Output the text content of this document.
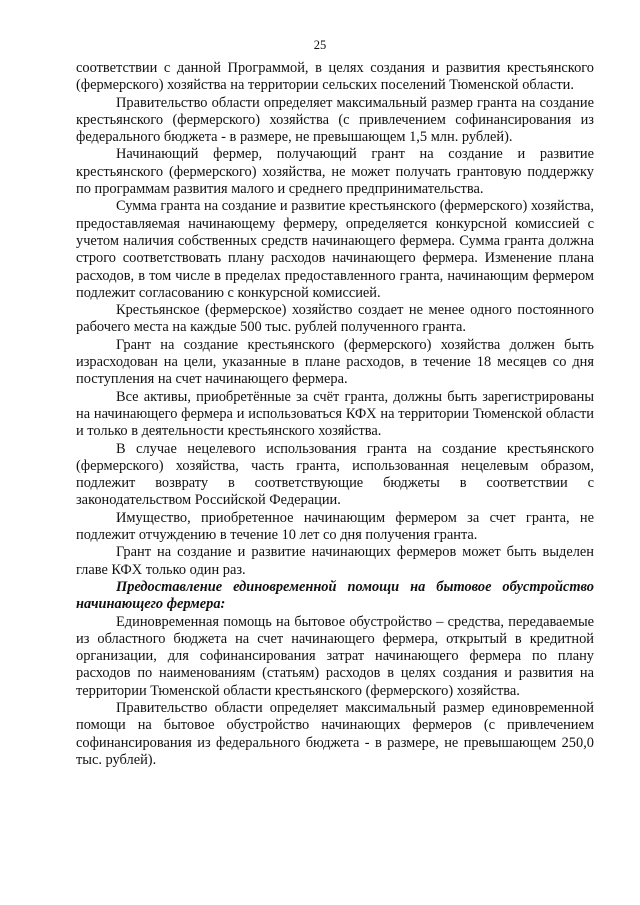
25

соответствии с данной Программой, в целях создания и развития крестьянского (фермерского) хозяйства на территории сельских поселений Тюменской области.

Правительство области определяет максимальный размер гранта на создание крестьянского (фермерского) хозяйства (с привлечением софинансирования из федерального бюджета - в размере, не превышающем 1,5 млн. рублей).

Начинающий фермер, получающий грант на создание и развитие крестьянского (фермерского) хозяйства, не может получать грантовую поддержку по программам развития малого и среднего предпринимательства.

Сумма гранта на создание и развитие крестьянского (фермерского) хозяйства, предоставляемая начинающему фермеру, определяется конкурсной комиссией с учетом наличия собственных средств начинающего фермера. Сумма гранта должна строго соответствовать плану расходов начинающего фермера. Изменение плана расходов, в том числе в пределах предоставленного гранта, начинающим фермером подлежит согласованию с конкурсной комиссией.

Крестьянское (фермерское) хозяйство создает не менее одного постоянного рабочего места на каждые 500 тыс. рублей полученного гранта.

Грант на создание крестьянского (фермерского) хозяйства должен быть израсходован на цели, указанные в плане расходов, в течение 18 месяцев со дня поступления на счет начинающего фермера.

Все активы, приобретённые за счёт гранта, должны быть зарегистрированы на начинающего фермера и использоваться КФХ на территории Тюменской области и только в деятельности крестьянского хозяйства.

В случае нецелевого использования гранта на создание крестьянского (фермерского) хозяйства, часть гранта, использованная нецелевым образом, подлежит возврату в соответствующие бюджеты в соответствии с законодательством Российской Федерации.

Имущество, приобретенное начинающим фермером за счет гранта, не подлежит отчуждению в течение 10 лет со дня получения гранта.

Грант на создание и развитие начинающих фермеров может быть выделен главе КФХ только один раз.

Предоставление единовременной помощи на бытовое обустройство начинающего фермера:

Единовременная помощь на бытовое обустройство – средства, передаваемые из областного бюджета на счет начинающего фермера, открытый в кредитной организации, для софинансирования затрат начинающего фермера по плану расходов по наименованиям (статьям) расходов в целях создания и развития на территории Тюменской области крестьянского (фермерского) хозяйства.

Правительство области определяет максимальный размер единовременной помощи на бытовое обустройство начинающих фермеров (с привлечением софинансирования из федерального бюджета - в размере, не превышающем 250,0 тыс. рублей).
